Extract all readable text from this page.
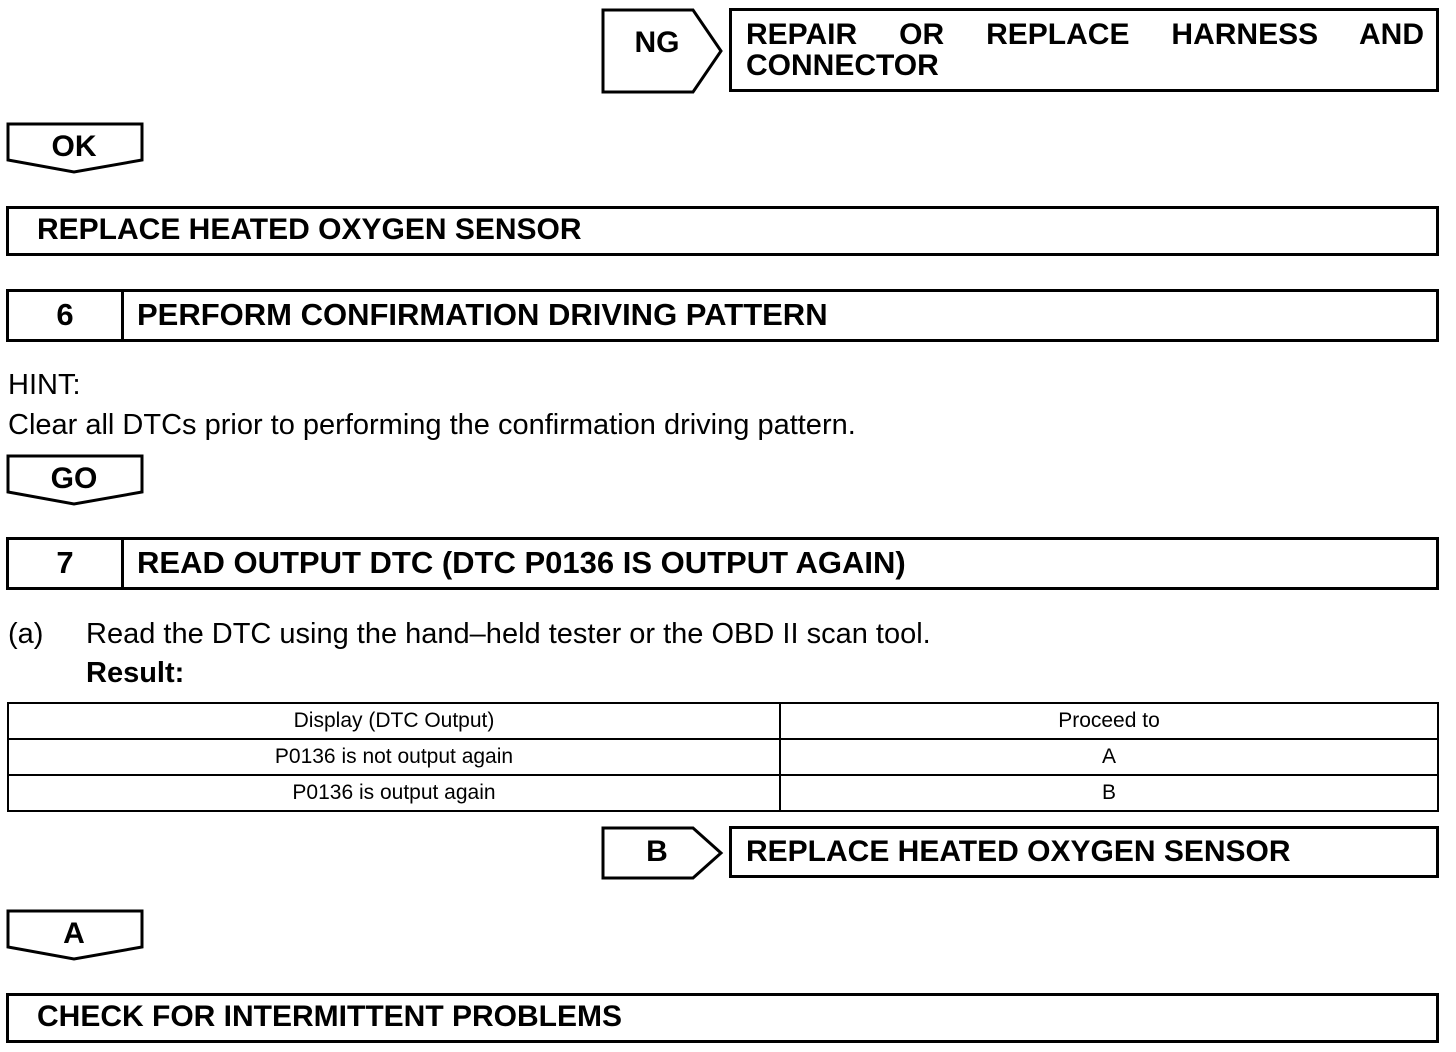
NG REPAIR OR REPLACE HARNESS AND
CONNECTOR
OK
REPLACE HEATED OXYGEN SENSOR
6	PERFORM CONFIRMATION DRIVING PATTERN
HINT:
Clear all DTCs prior to performing the confirmation driving pattern.
GO
7	READ OUTPUT DTC (DTC P0136 IS OUTPUT AGAIN)
(a) Read the DTC using the hand–held tester or the OBD II scan tool.
Result:
Display (DTC Output)	Proceed to
P0136 is not output again	A
P0136 is output again	B
B	REPLACE HEATED OXYGEN SENSOR
A
CHECK FOR INTERMITTENT PROBLEMS
